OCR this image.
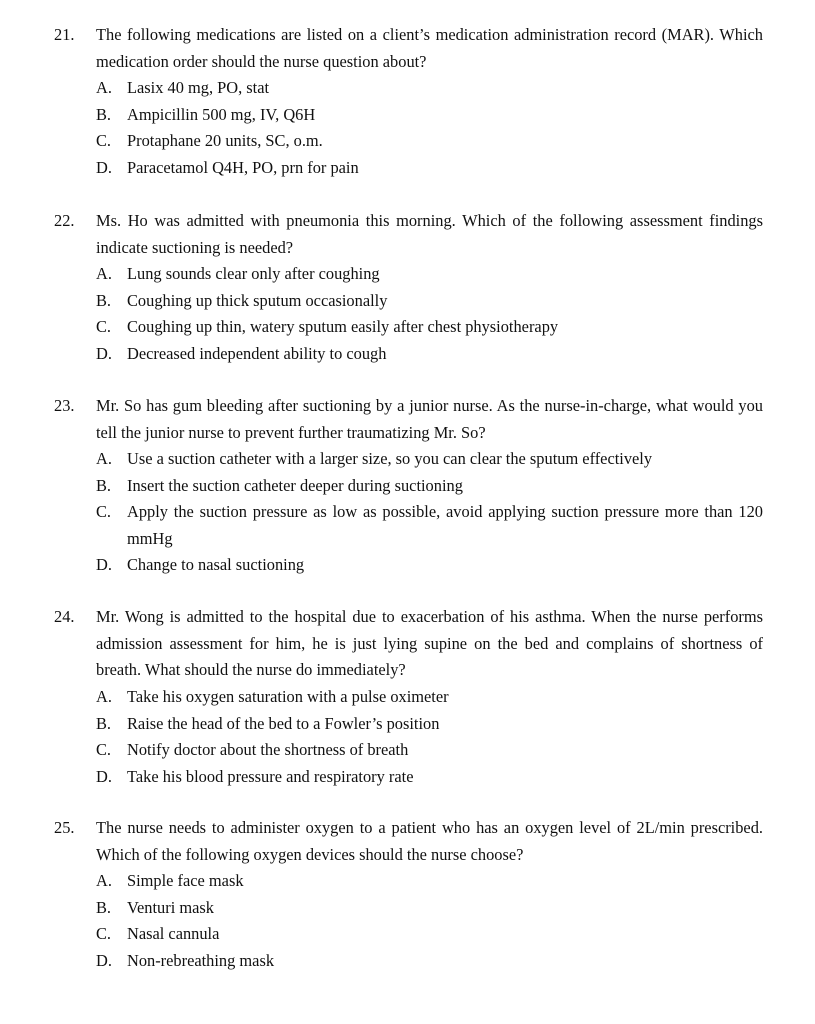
21. The following medications are listed on a client’s medication administration record (MAR). Which medication order should the nurse question about?
A. Lasix 40 mg, PO, stat
B. Ampicillin 500 mg, IV, Q6H
C. Protaphane 20 units, SC, o.m.
D. Paracetamol Q4H, PO, prn for pain
22. Ms. Ho was admitted with pneumonia this morning. Which of the following assessment findings indicate suctioning is needed?
A. Lung sounds clear only after coughing
B. Coughing up thick sputum occasionally
C. Coughing up thin, watery sputum easily after chest physiotherapy
D. Decreased independent ability to cough
23. Mr. So has gum bleeding after suctioning by a junior nurse. As the nurse-in-charge, what would you tell the junior nurse to prevent further traumatizing Mr. So?
A. Use a suction catheter with a larger size, so you can clear the sputum effectively
B. Insert the suction catheter deeper during suctioning
C. Apply the suction pressure as low as possible, avoid applying suction pressure more than 120 mmHg
D. Change to nasal suctioning
24. Mr. Wong is admitted to the hospital due to exacerbation of his asthma. When the nurse performs admission assessment for him, he is just lying supine on the bed and complains of shortness of breath. What should the nurse do immediately?
A. Take his oxygen saturation with a pulse oximeter
B. Raise the head of the bed to a Fowler’s position
C. Notify doctor about the shortness of breath
D. Take his blood pressure and respiratory rate
25. The nurse needs to administer oxygen to a patient who has an oxygen level of 2L/min prescribed. Which of the following oxygen devices should the nurse choose?
A. Simple face mask
B. Venturi mask
C. Nasal cannula
D. Non-rebreathing mask
